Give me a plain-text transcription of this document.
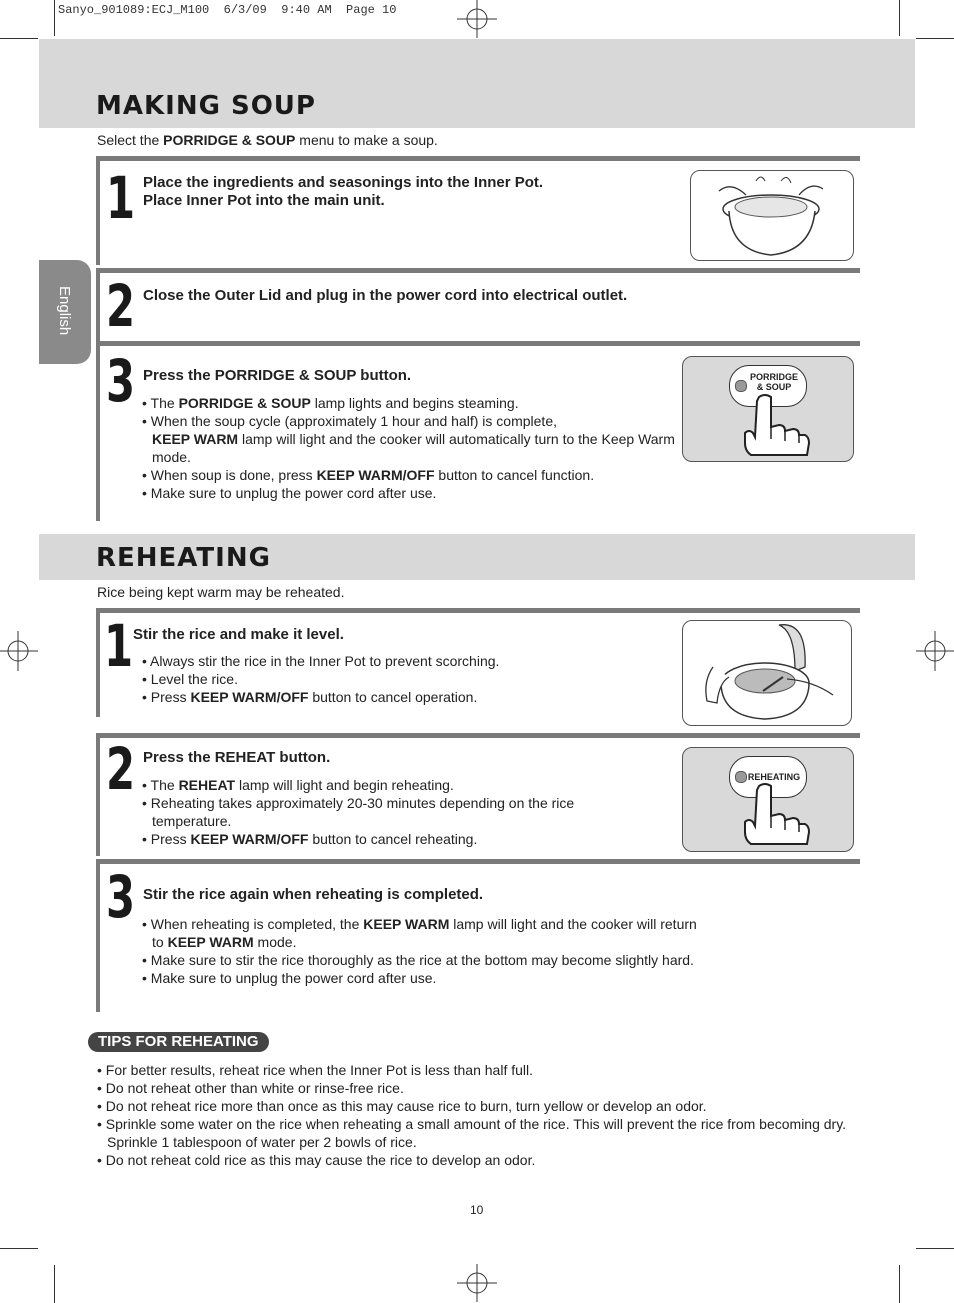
Sanyo_901089:ECJ_M100  6/3/09  9:40 AM  Page 10
English
MAKING SOUP
Select the PORRIDGE & SOUP menu to make a soup.
1 Place the ingredients and seasonings into the Inner Pot.
Place Inner Pot into the main unit.
2 Close the Outer Lid and plug in the power cord into electrical outlet.
3 Press the PORRIDGE & SOUP button.
• The PORRIDGE & SOUP lamp lights and begins steaming.
• When the soup cycle (approximately 1 hour and half) is complete,
KEEP WARM lamp will light and the cooker will automatically turn to the Keep Warm mode.
• When soup is done, press KEEP WARM/OFF button to cancel function.
• Make sure to unplug the power cord after use.
PORRIDGE
& SOUP
REHEATING
Rice being kept warm may be reheated.
1 Stir the rice and make it level.
• Always stir the rice in the Inner Pot to prevent scorching.
• Level the rice.
• Press KEEP WARM/OFF button to cancel operation.
2 Press the REHEAT button.
• The REHEAT lamp will light and begin reheating.
• Reheating takes approximately 20-30 minutes depending on the rice temperature.
• Press KEEP WARM/OFF button to cancel reheating.
REHEATING
3 Stir the rice again when reheating is completed.
• When reheating is completed, the KEEP WARM lamp will light and the cooker will return to KEEP WARM mode.
• Make sure to stir the rice thoroughly as the rice at the bottom may become slightly hard.
• Make sure to unplug the power cord after use.
TIPS FOR REHEATING
• For better results, reheat rice when the Inner Pot is less than half full.
• Do not reheat other than white or rinse-free rice.
• Do not reheat rice more than once as this may cause rice to burn, turn yellow or develop an odor.
• Sprinkle some water on the rice when reheating a small amount of the rice. This will prevent the rice from becoming dry. Sprinkle 1 tablespoon of water per 2 bowls of rice.
• Do not reheat cold rice as this may cause the rice to develop an odor.
10
